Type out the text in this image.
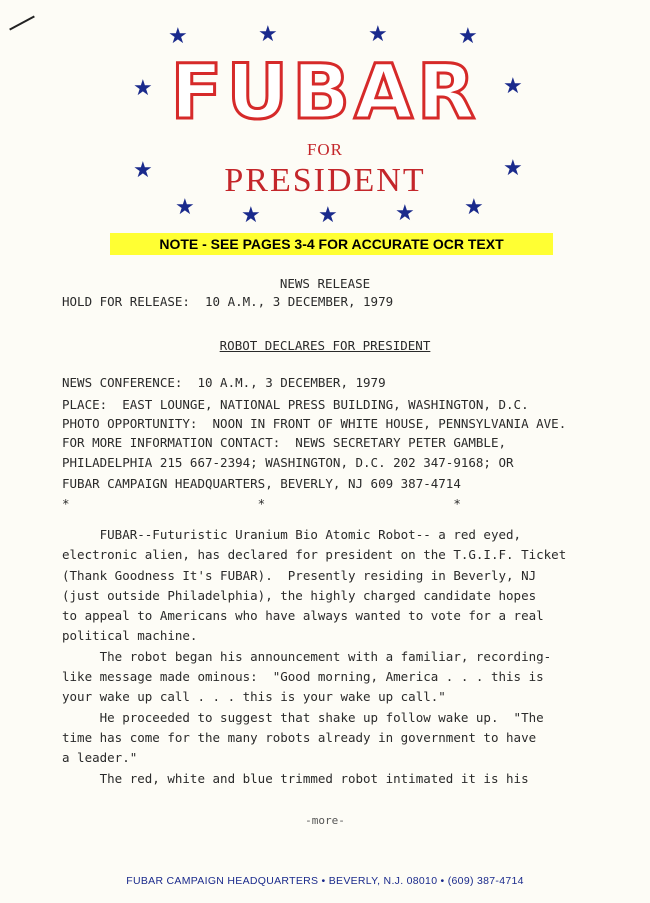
★	★	★	★
★	★
★	★
★ ★	★	★ ★
FUBAR
FOR
PRESIDENT
NOTE - SEE PAGES 3-4 FOR ACCURATE OCR TEXT
NEWS RELEASE
HOLD FOR RELEASE:  10 A.M., 3 DECEMBER, 1979
ROBOT DECLARES FOR PRESIDENT
NEWS CONFERENCE:  10 A.M., 3 DECEMBER, 1979
PLACE:  EAST LOUNGE, NATIONAL PRESS BUILDING, WASHINGTON, D.C.
PHOTO OPPORTUNITY:  NOON IN FRONT OF WHITE HOUSE, PENNSYLVANIA AVE.
FOR MORE INFORMATION CONTACT:  NEWS SECRETARY PETER GAMBLE,
PHILADELPHIA 215 667-2394; WASHINGTON, D.C. 202 347-9168; OR
FUBAR CAMPAIGN HEADQUARTERS, BEVERLY, NJ 609 387-4714
*                         *                         *
FUBAR--Futuristic Uranium Bio Atomic Robot-- a red eyed,
electronic alien, has declared for president on the T.G.I.F. Ticket
(Thank Goodness It's FUBAR).  Presently residing in Beverly, NJ
(just outside Philadelphia), the highly charged candidate hopes
to appeal to Americans who have always wanted to vote for a real
political machine.
The robot began his announcement with a familiar, recording-
like message made ominous:  "Good morning, America . . . this is
your wake up call . . . this is your wake up call."
He proceeded to suggest that shake up follow wake up.  "The
time has come for the many robots already in government to have
a leader."
The red, white and blue trimmed robot intimated it is his
-more-
FUBAR CAMPAIGN HEADQUARTERS • BEVERLY, N.J. 08010 • (609) 387-4714
